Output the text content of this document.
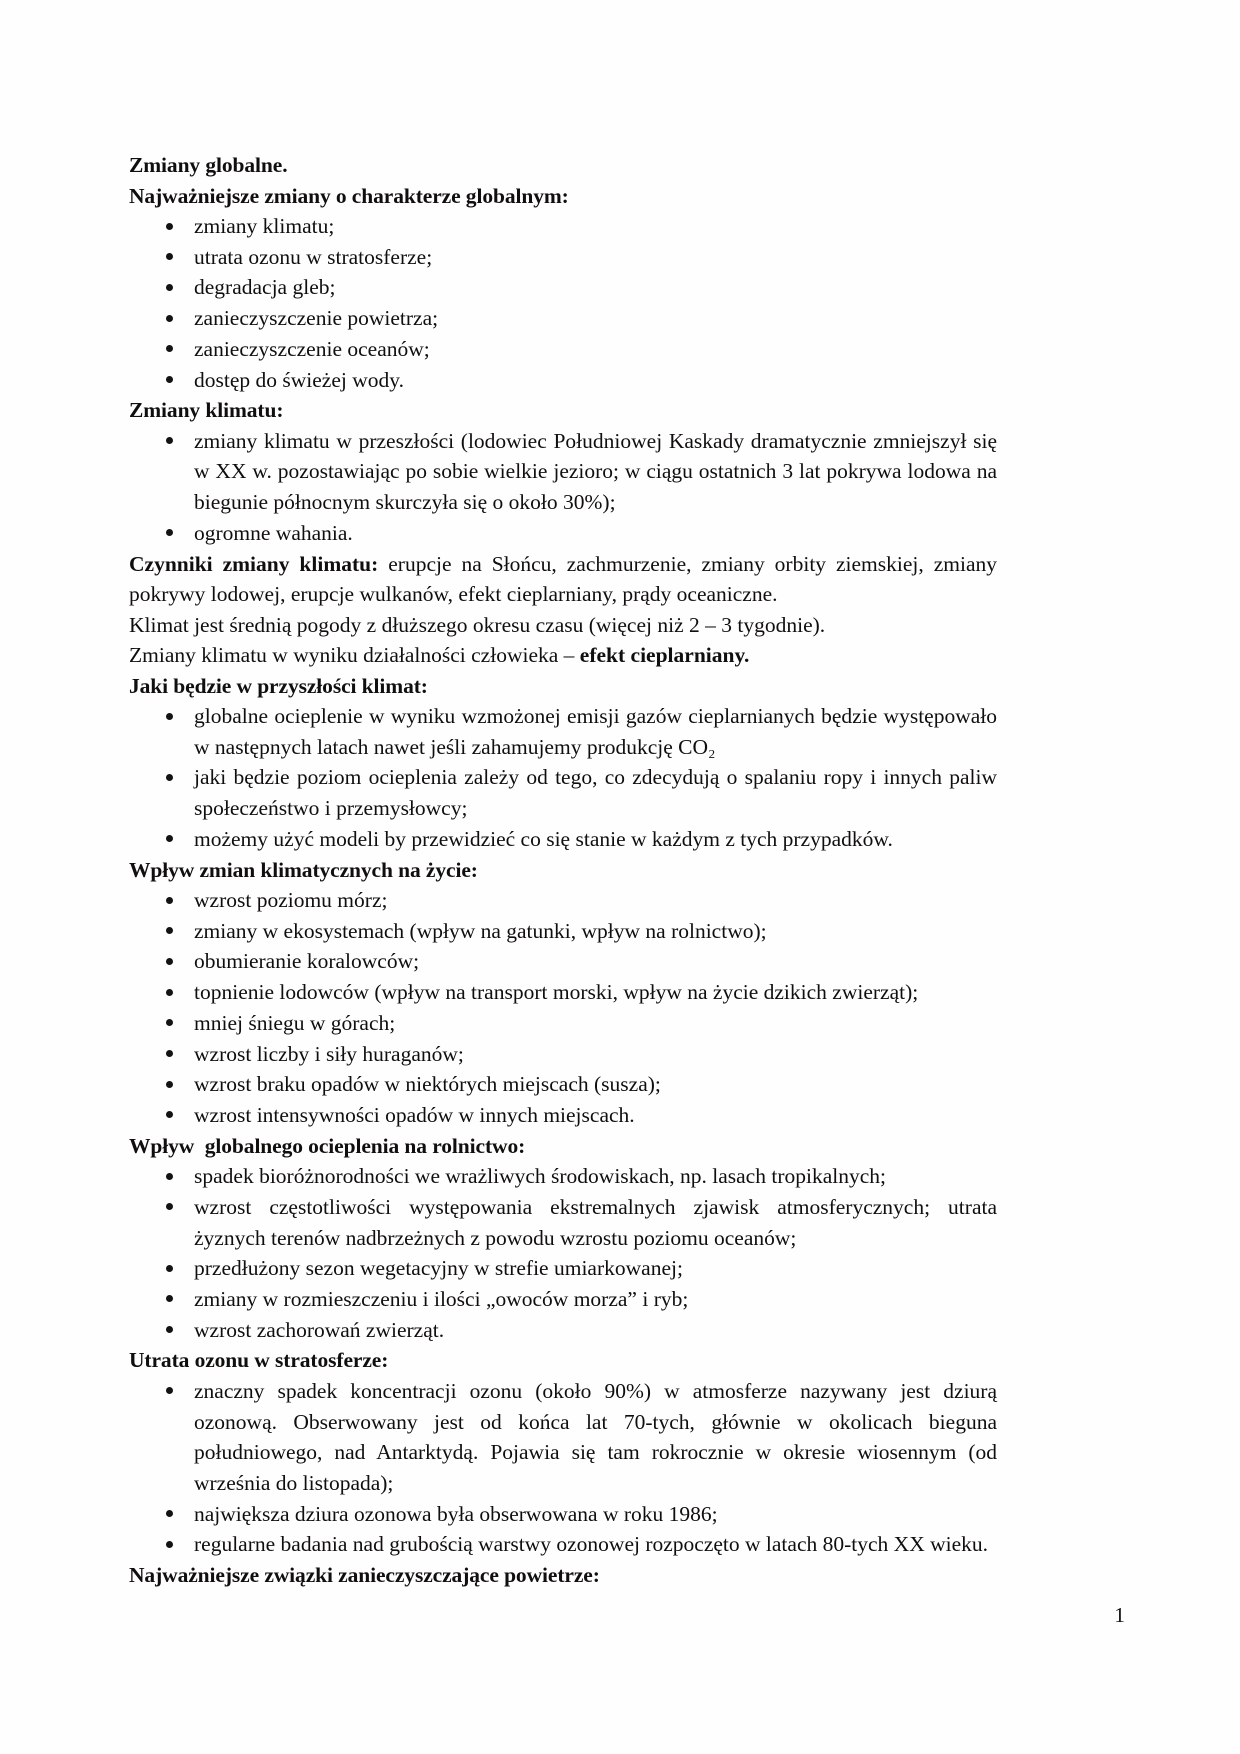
Zmiany globalne.
Najważniejsze zmiany o charakterze globalnym:
zmiany klimatu;
utrata ozonu w stratosferze;
degradacja gleb;
zanieczyszczenie powietrza;
zanieczyszczenie oceanów;
dostęp do świeżej wody.
Zmiany klimatu:
zmiany klimatu w przeszłości (lodowiec Południowej Kaskady dramatycznie zmniejszył się w XX w. pozostawiając po sobie wielkie jezioro; w ciągu ostatnich 3 lat pokrywa lodowa na biegunie północnym skurczyła się o około 30%);
ogromne wahania.

Czynniki zmiany klimatu: erupcje na Słońcu, zachmurzenie, zmiany orbity ziemskiej, zmiany pokrywy lodowej, erupcje wulkanów, efekt cieplarniany, prądy oceaniczne.

Klimat jest średnią pogody z dłuższego okresu czasu (więcej niż 2 – 3 tygodnie).

Zmiany klimatu w wyniku działalności człowieka – efekt cieplarniany.

Jaki będzie w przyszłości klimat:
globalne ocieplenie w wyniku wzmożonej emisji gazów cieplarnianych będzie występowało w następnych latach nawet jeśli zahamujemy produkcję CO₂
jaki będzie poziom ocieplenia zależy od tego, co zdecydują o spalaniu ropy i innych paliw społeczeństwo i przemysłowcy;
możemy użyć modeli by przewidzieć co się stanie w każdym z tych przypadków.
Wpływ zmian klimatycznych na życie:
wzrost poziomu mórz;
zmiany w ekosystemach (wpływ na gatunki, wpływ na rolnictwo);
obumieranie koralowców;
topnienie lodowców (wpływ na transport morski, wpływ na życie dzikich zwierząt);
mniej śniegu w górach;
wzrost liczby i siły huraganów;
wzrost braku opadów w niektórych miejscach (susza);
wzrost intensywności opadów w innych miejscach.
Wpływ  globalnego ocieplenia na rolnictwo:
spadek bioróżnorodności we wrażliwych środowiskach, np. lasach tropikalnych;
wzrost częstotliwości występowania ekstremalnych zjawisk atmosferycznych; utrata żyznych terenów nadbrzeżnych z powodu wzrostu poziomu oceanów;
przedłużony sezon wegetacyjny w strefie umiarkowanej;
zmiany w rozmieszczeniu i ilości „owoców morza” i ryb;
wzrost zachorowań zwierząt.
Utrata ozonu w stratosferze:
znaczny spadek koncentracji ozonu (około 90%) w atmosferze nazywany jest dziurą ozonową. Obserwowany jest od końca lat 70-tych, głównie w okolicach bieguna południowego, nad Antarktydą. Pojawia się tam rokrocznie w okresie wiosennym (od września do listopada);
największa dziura ozonowa była obserwowana w roku 1986;
regularne badania nad grubością warstwy ozonowej rozpoczęto w latach 80-tych XX wieku.
Najważniejsze związki zanieczyszczające powietrze:
1
